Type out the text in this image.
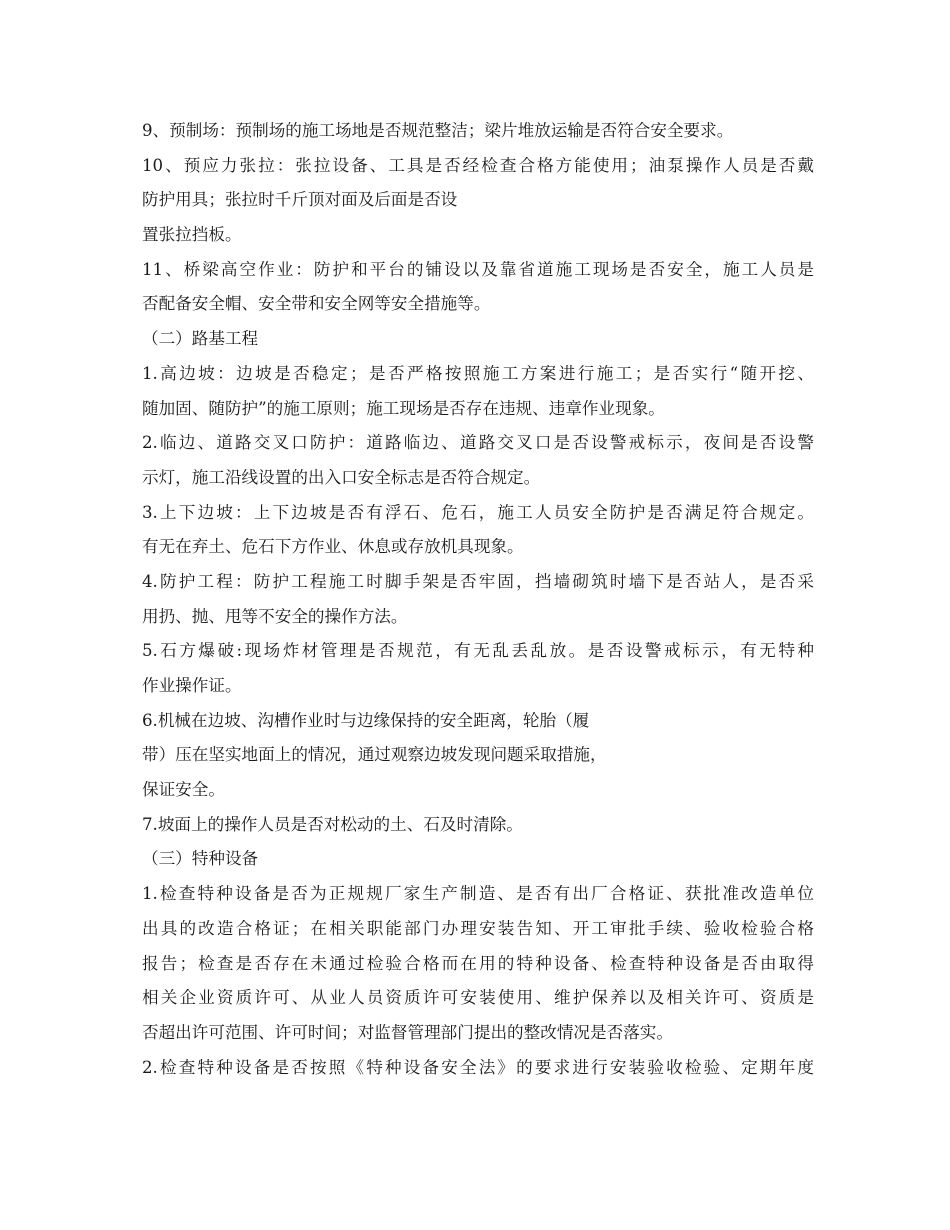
9、预制场：预制场的施工场地是否规范整洁；梁片堆放运输是否符合安全要求。
10、预应力张拉：张拉设备、工具是否经检查合格方能使用；油泵操作人员是否戴
防护用具；张拉时千斤顶对面及后面是否设
置张拉挡板。
11、桥梁高空作业：防护和平台的铺设以及靠省道施工现场是否安全，施工人员是
否配备安全帽、安全带和安全网等安全措施等。
（二）路基工程
1.高边坡：边坡是否稳定；是否严格按照施工方案进行施工；是否实行“随开挖、
随加固、随防护”的施工原则；施工现场是否存在违规、违章作业现象。
2.临边、道路交叉口防护：道路临边、道路交叉口是否设警戒标示，夜间是否设警
示灯，施工沿线设置的出入口安全标志是否符合规定。
3.上下边坡：上下边坡是否有浮石、危石，施工人员安全防护是否满足符合规定。
有无在弃土、危石下方作业、休息或存放机具现象。
4.防护工程：防护工程施工时脚手架是否牢固，挡墙砌筑时墙下是否站人，是否采
用扔、抛、甩等不安全的操作方法。
5.石方爆破:现场炸材管理是否规范，有无乱丢乱放。是否设警戒标示，有无特种
作业操作证。
6.机械在边坡、沟槽作业时与边缘保持的安全距离，轮胎（履
带）压在坚实地面上的情况，通过观察边坡发现问题采取措施，
保证安全。
7.坡面上的操作人员是否对松动的土、石及时清除。
（三）特种设备
1.检查特种设备是否为正规规厂家生产制造、是否有出厂合格证、获批准改造单位
出具的改造合格证；在相关职能部门办理安装告知、开工审批手续、验收检验合格
报告；检查是否存在未通过检验合格而在用的特种设备、检查特种设备是否由取得
相关企业资质许可、从业人员资质许可安装使用、维护保养以及相关许可、资质是
否超出许可范围、许可时间；对监督管理部门提出的整改情况是否落实。
2.检查特种设备是否按照《特种设备安全法》的要求进行安装验收检验、定期年度
